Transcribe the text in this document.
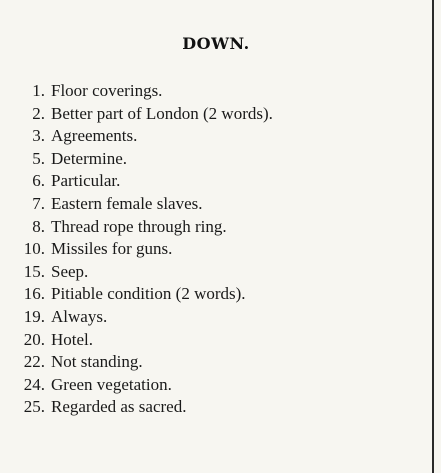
DOWN.
1. Floor coverings.
2. Better part of London (2 words).
3. Agreements.
5. Determine.
6. Particular.
7. Eastern female slaves.
8. Thread rope through ring.
10. Missiles for guns.
15. Seep.
16. Pitiable condition (2 words).
19. Always.
20. Hotel.
22. Not standing.
24. Green vegetation.
25. Regarded as sacred.
